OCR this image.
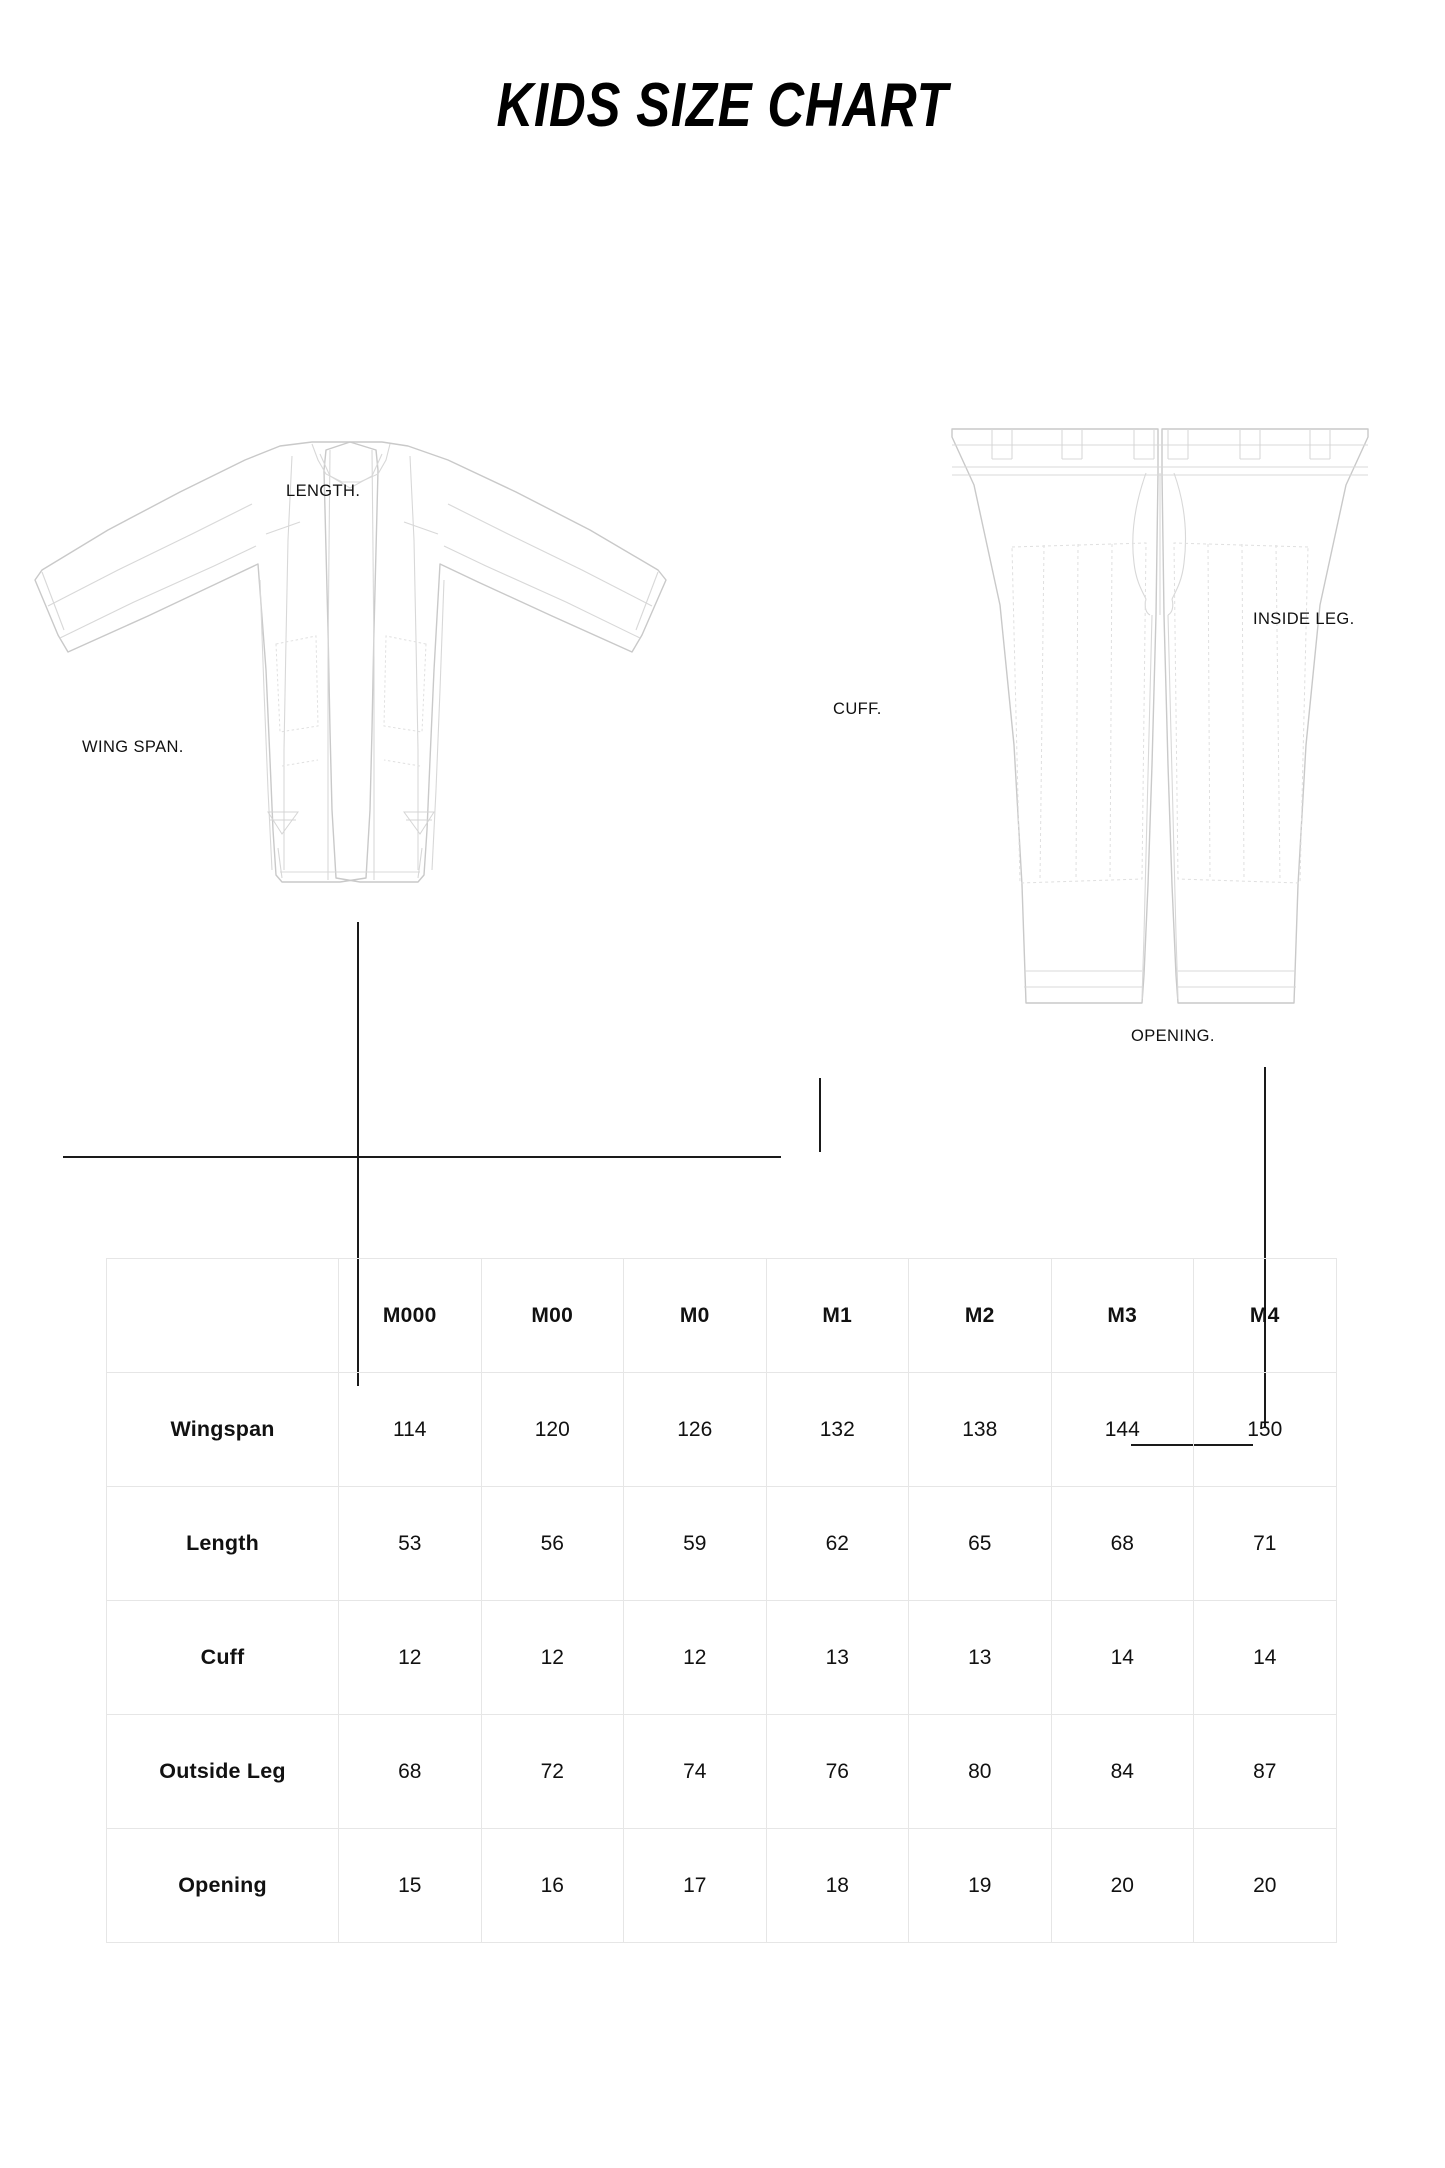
KIDS SIZE CHART
LENGTH.
WING SPAN.
CUFF.
INSIDE LEG.
OPENING.
	M000	M00	M0	M1	M2	M3	M4
Wingspan	114	120	126	132	138	144	150
Length	53	56	59	62	65	68	71
Cuff	12	12	12	13	13	14	14
Outside Leg	68	72	74	76	80	84	87
Opening	15	16	17	18	19	20	20
